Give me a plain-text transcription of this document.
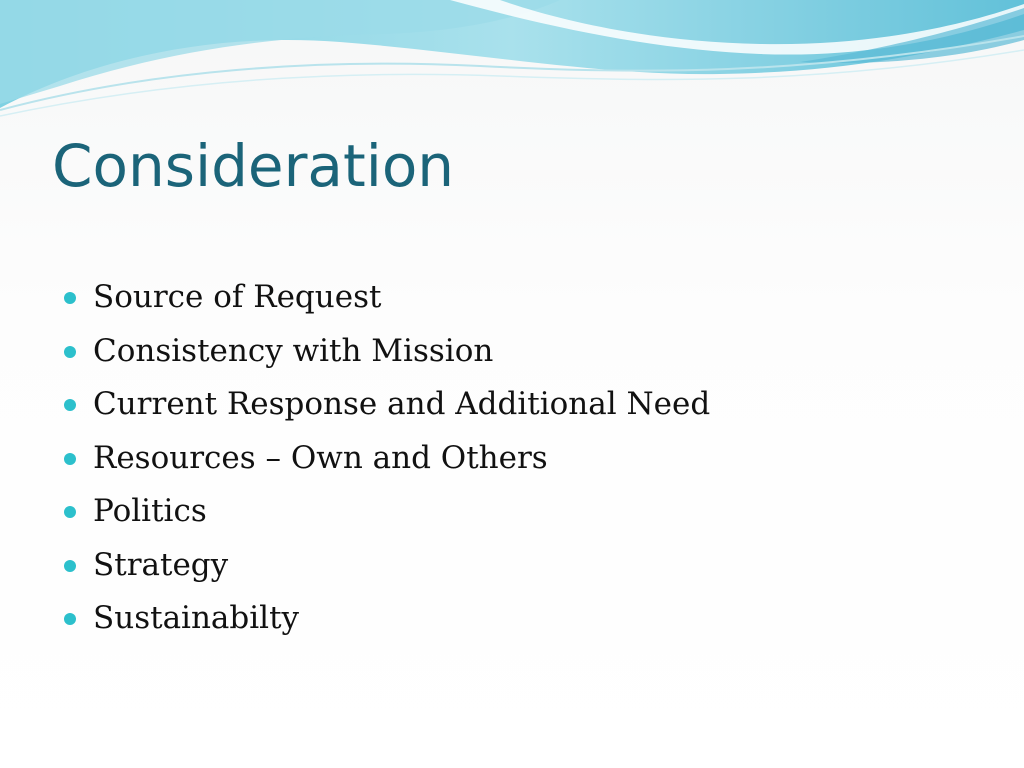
Consideration
Source of Request
Consistency with Mission
Current Response and Additional Need
Resources – Own and Others
Politics
Strategy
Sustainabilty
